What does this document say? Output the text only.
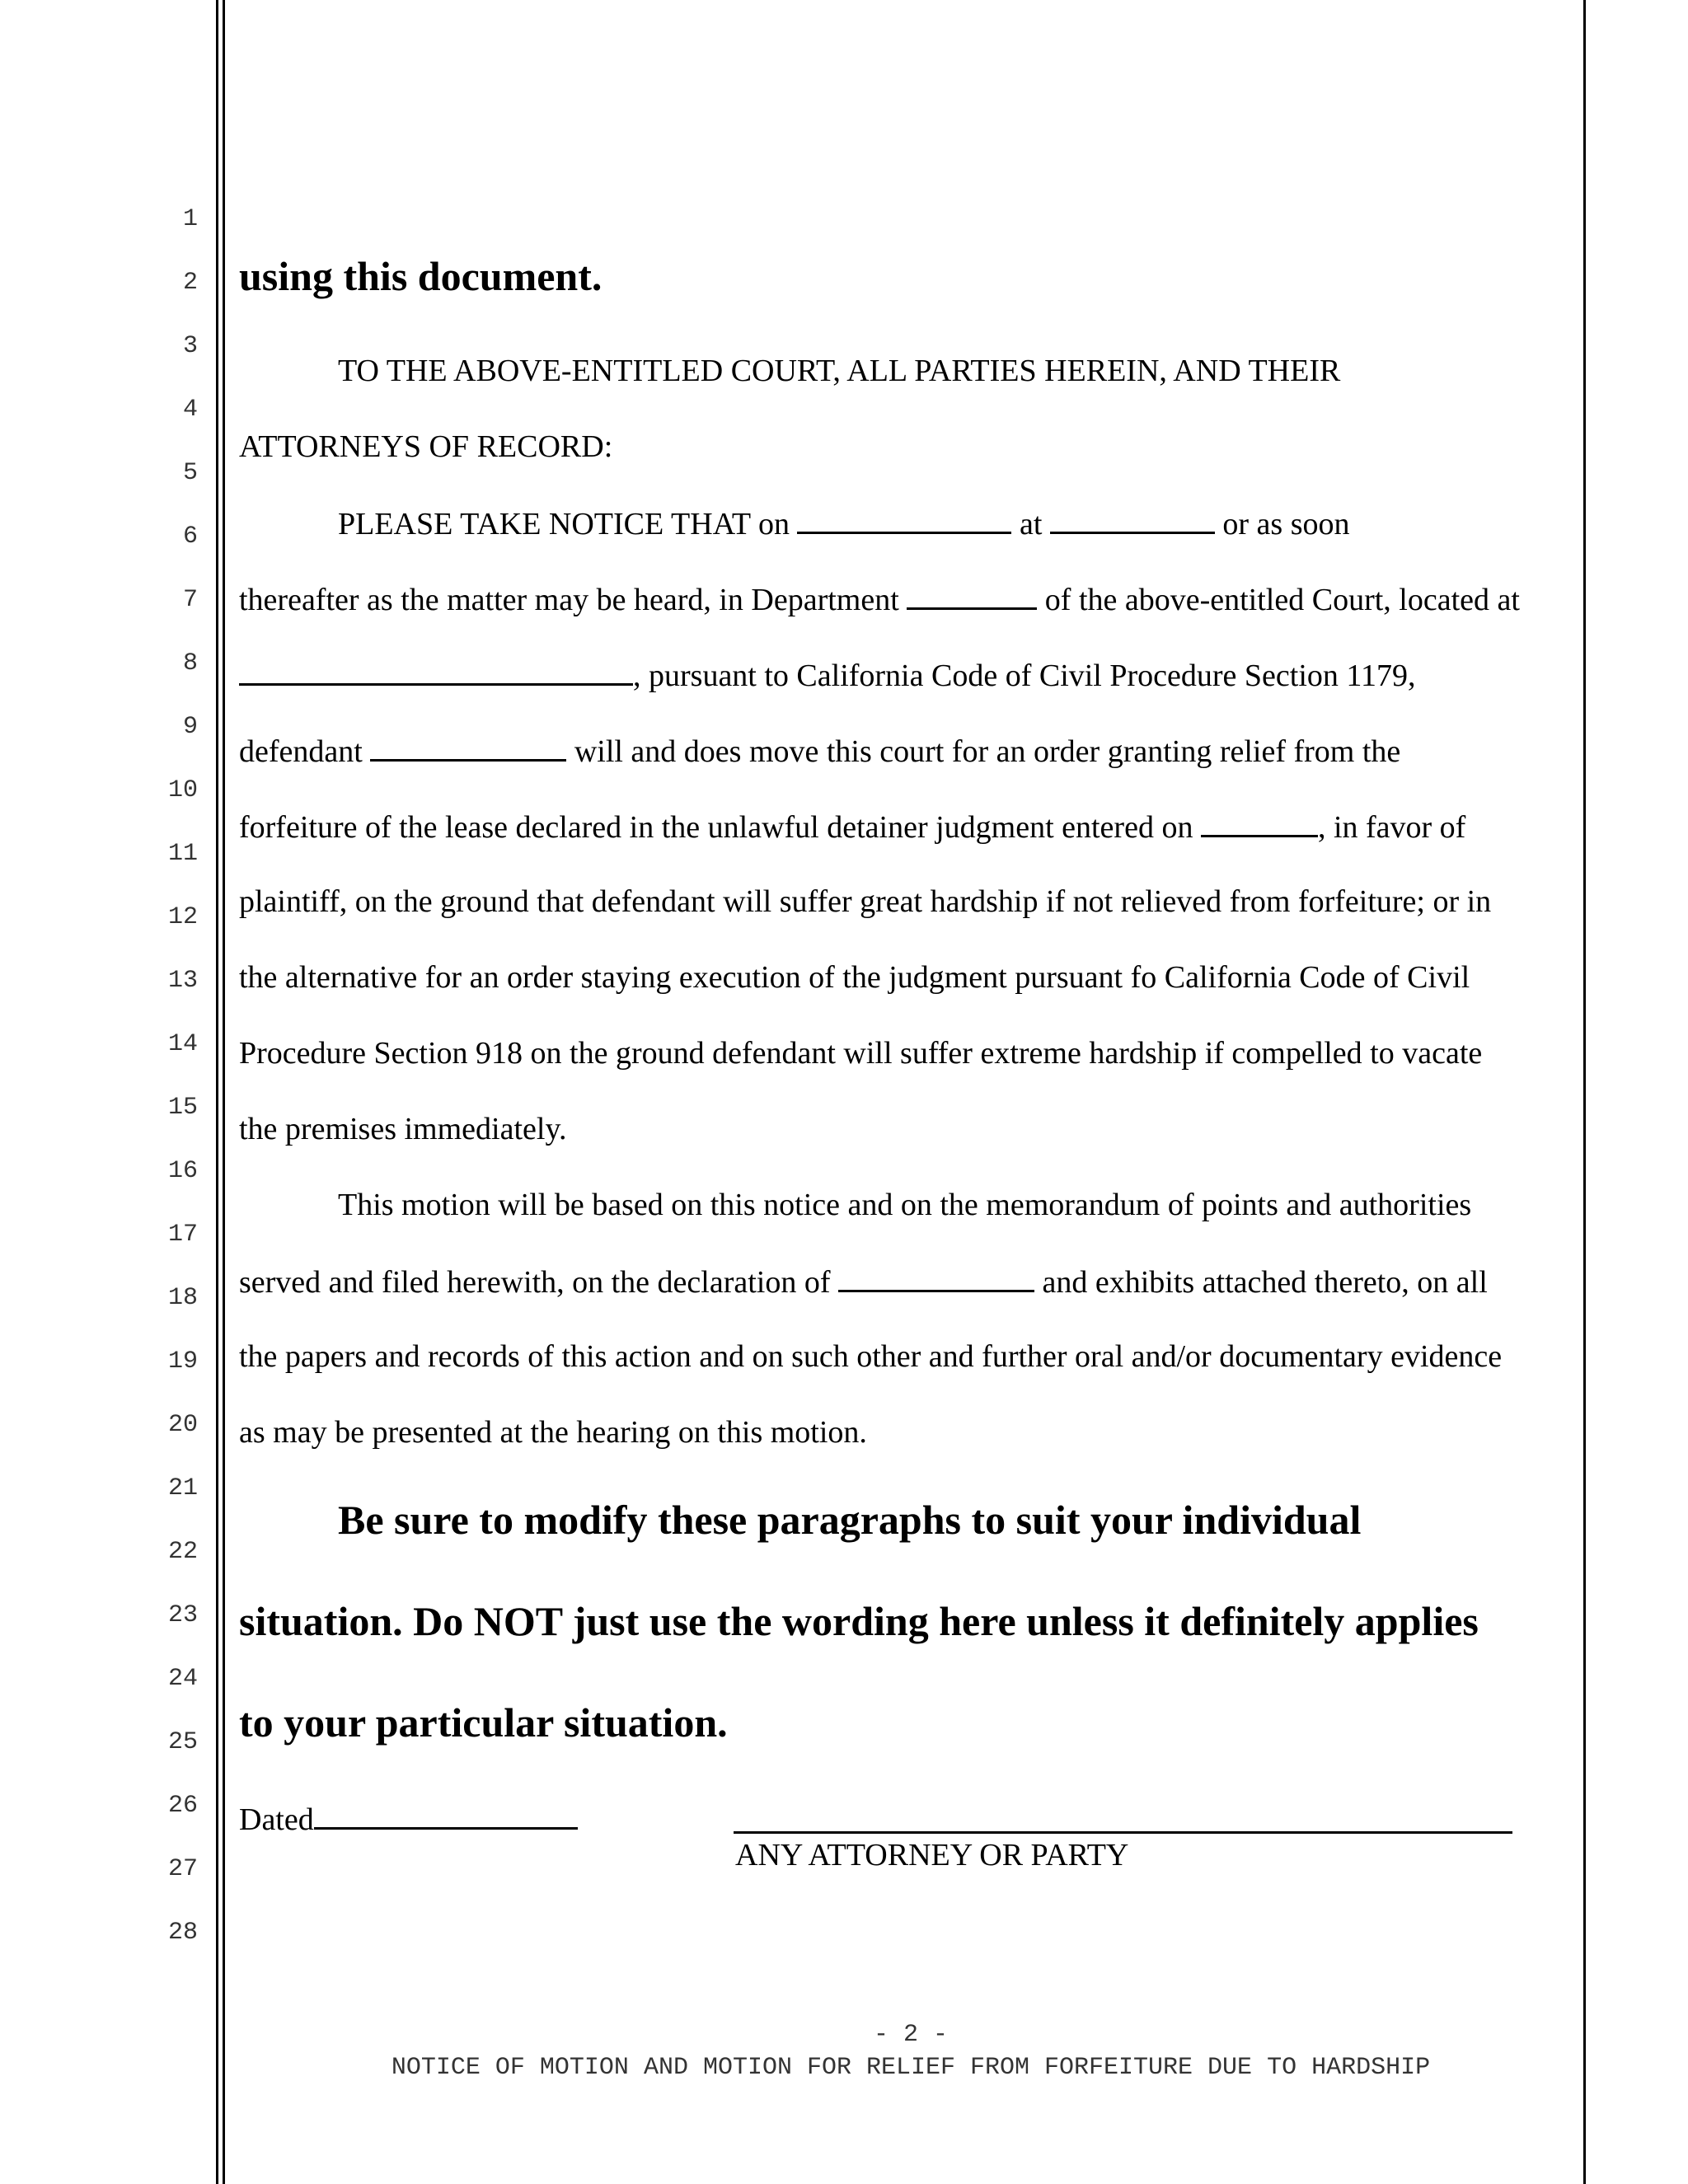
1
2
3
4
5
6
7
8
9
10
11
12
13
14
15
16
17
18
19
20
21
22
23
24
25
26
27
28
using this document.
TO THE ABOVE-ENTITLED COURT, ALL PARTIES HEREIN, AND THEIR
ATTORNEYS OF RECORD:
PLEASE TAKE NOTICE THAT on	at	or as soon
thereafter as the matter may be heard, in Department	of the above-entitled Court, located at
, pursuant to California Code of Civil Procedure Section 1179,
defendant	will and does move this court for an order granting relief from the
forfeiture of the lease declared in the unlawful detainer judgment entered on	, in favor of
plaintiff, on the ground that defendant will suffer great hardship if not relieved from forfeiture; or in
the alternative for an order staying execution of the judgment pursuant fo California Code of Civil
Procedure Section 918 on the ground defendant will suffer extreme hardship if compelled to vacate
the premises immediately.
This motion will be based on this notice and on the memorandum of points and authorities
served and filed herewith, on the declaration of	and exhibits attached thereto, on all
the papers and records of this action and on such other and further oral and/or documentary evidence
as may be presented at the hearing on this motion.
Be sure to modify these paragraphs to suit your individual
situation. Do NOT just use the wording here unless it definitely applies
to your particular situation.
Dated
ANY ATTORNEY OR PARTY
- 2 -
NOTICE OF MOTION AND MOTION FOR RELIEF FROM FORFEITURE DUE TO HARDSHIP
